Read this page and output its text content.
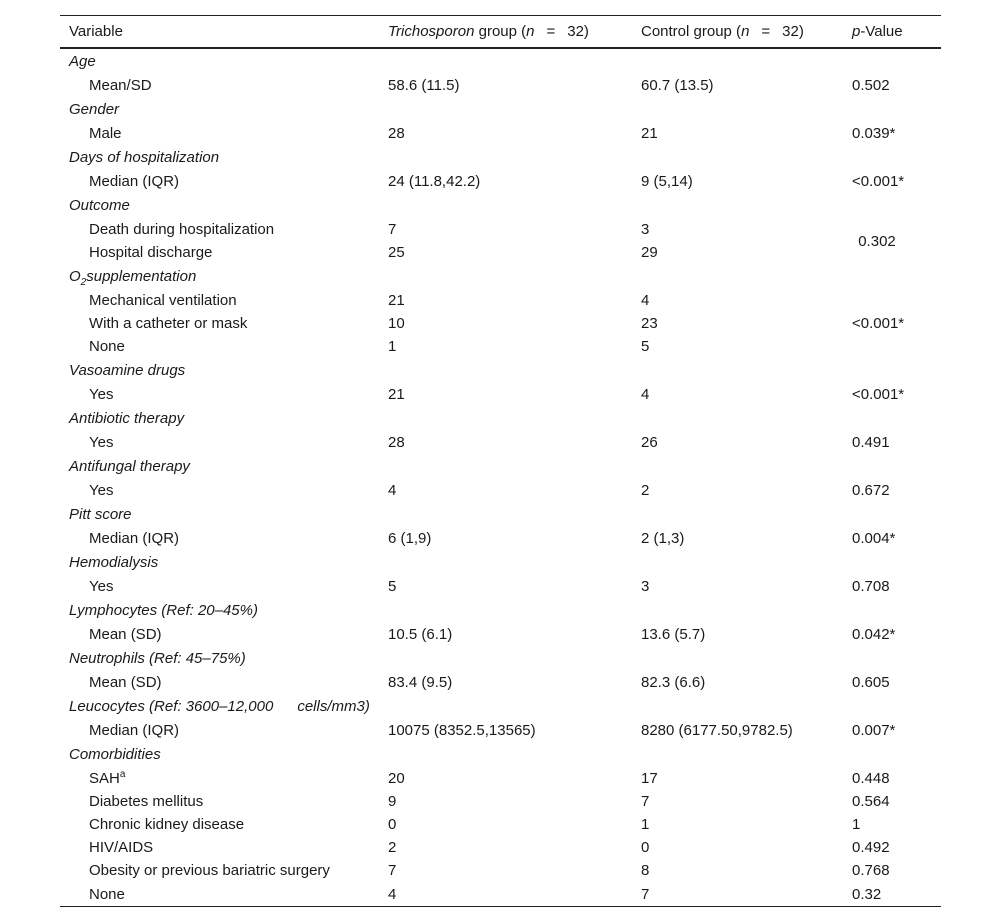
Variable	Trichosporon group (n = 32)	Control group (n = 32)	p-Value
Age			
Mean/SD	58.6 (11.5)	60.7 (13.5)	0.502
Gender			
Male	28	21	0.039*
Days of hospitalization			
Median (IQR)	24 (11.8,42.2)	9 (5,14)	<0.001*
Outcome			
Death during hospitalization	7	3	0.302
Hospital discharge	25	29	
$O_2supplementation$			
Mechanical ventilation	21	4	<0.001*
With a catheter or mask	10	23	
None	1	5	
Vasoamine drugs			
Yes	21	4	<0.001*
Antibiotic therapy			
Yes	28	26	0.491
Antifungal therapy			
Yes	4	2	0.672
Pitt score			
Median (IQR)	6 (1,9)	2 (1,3)	0.004*
Hemodialysis			
Yes	5	3	0.708
Lymphocytes (Ref: 20–45%)			
Mean (SD)	10.5 (6.1)	13.6 (5.7)	0.042*
Neutrophils (Ref: 45–75%)			
Mean (SD)	83.4 (9.5)	82.3 (6.6)	0.605
Leucocytes (Ref: 3600–12,000 cells/mm3)			
Median (IQR)	10075 (8352.5,13565)	8280 (6177.50,9782.5)	0.007*
Comorbidities			
SAH$^a$	20	17	0.448
Diabetes mellitus	9	7	0.564
Chronic kidney disease	0	1	1
HIV/AIDS	2	0	0.492
Obesity or previous bariatric surgery	7	8	0.768
None	4	7	0.32
